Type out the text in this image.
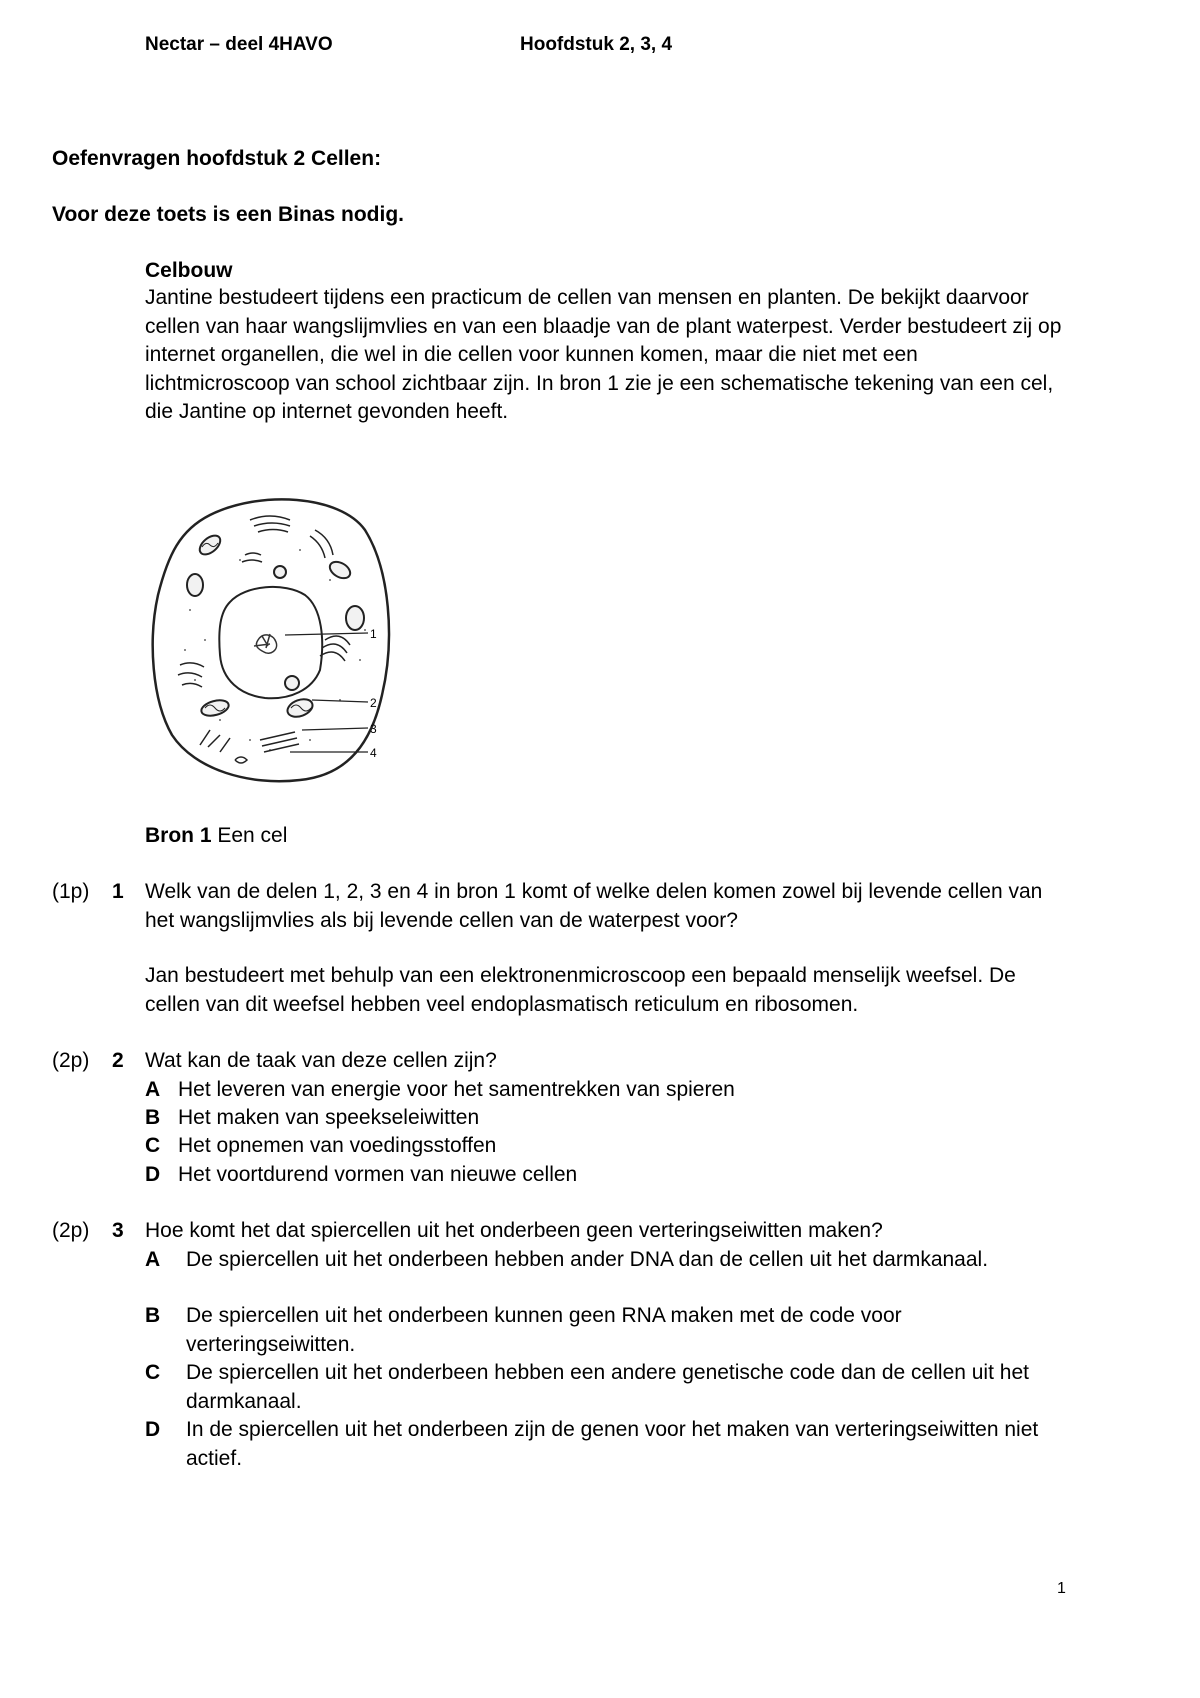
Nectar – deel 4HAVO	Hoofdstuk 2, 3, 4
Oefenvragen hoofdstuk 2 Cellen:
Voor deze toets is een Binas nodig.
Celbouw
Jantine bestudeert tijdens een practicum de cellen van mensen en planten. De bekijkt daarvoor cellen van haar wangslijmvlies en van een blaadje van de plant waterpest. Verder bestudeert zij op internet organellen, die wel in die cellen voor kunnen komen, maar die niet met een lichtmicroscoop van school zichtbaar zijn. In bron 1 zie je een schematische tekening van een cel, die Jantine op internet gevonden heeft.
1
2
3
4
Bron 1 Een cel
(1p) 1 Welk van de delen 1, 2, 3 en 4 in bron 1 komt of welke delen komen zowel bij levende cellen van het wangslijmvlies als bij levende cellen van de waterpest voor?
Jan bestudeert met behulp van een elektronenmicroscoop een bepaald menselijk weefsel. De cellen van dit weefsel hebben veel endoplasmatisch reticulum en ribosomen.
(2p) 2 Wat kan de taak van deze cellen zijn?
A Het leveren van energie voor het samentrekken van spieren
B Het maken van speekseleiwitten
C Het opnemen van voedingsstoffen
D Het voortdurend vormen van nieuwe cellen
(2p) 3 Hoe komt het dat spiercellen uit het onderbeen geen verteringseiwitten maken?
A De spiercellen uit het onderbeen hebben ander DNA dan de cellen uit het darmkanaal.
B De spiercellen uit het onderbeen kunnen geen RNA maken met de code voor verteringseiwitten.
C De spiercellen uit het onderbeen hebben een andere genetische code dan de cellen uit het darmkanaal.
D In de spiercellen uit het onderbeen zijn de genen voor het maken van verteringseiwitten niet actief.
1
